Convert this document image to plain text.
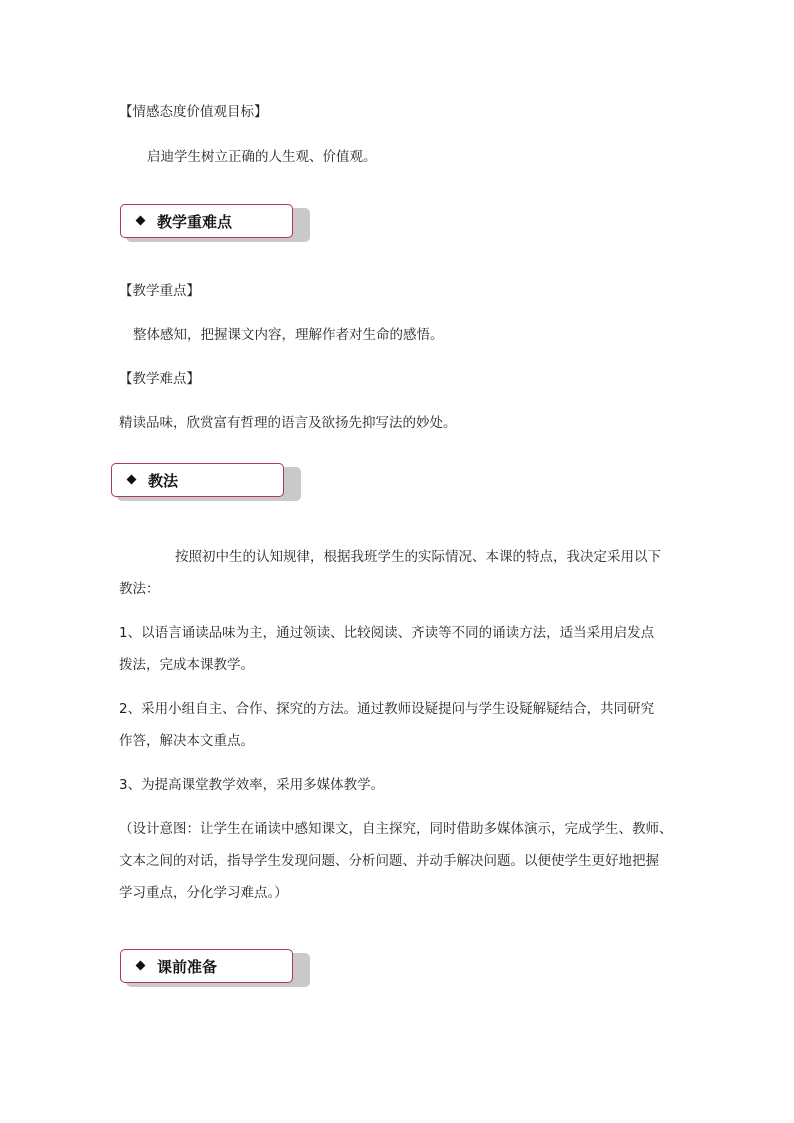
【情感态度价值观目标】
启迪学生树立正确的人生观、价值观。
教学重难点
【教学重点】
整体感知，把握课文内容，理解作者对生命的感悟。
【教学难点】
精读品味，欣赏富有哲理的语言及欲扬先抑写法的妙处。
教法
按照初中生的认知规律，根据我班学生的实际情况、本课的特点，我决定采用以下
教法：
1、以语言诵读品味为主，通过领读、比较阅读、齐读等不同的诵读方法，适当采用启发点
拨法，完成本课教学。
2、采用小组自主、合作、探究的方法。通过教师设疑提问与学生设疑解疑结合，共同研究
作答，解决本文重点。
3、为提高课堂教学效率，采用多媒体教学。
（设计意图：让学生在诵读中感知课文，自主探究，同时借助多媒体演示，完成学生、教师、
文本之间的对话，指导学生发现问题、分析问题、并动手解决问题。以便使学生更好地把握
学习重点，分化学习难点。）
课前准备
